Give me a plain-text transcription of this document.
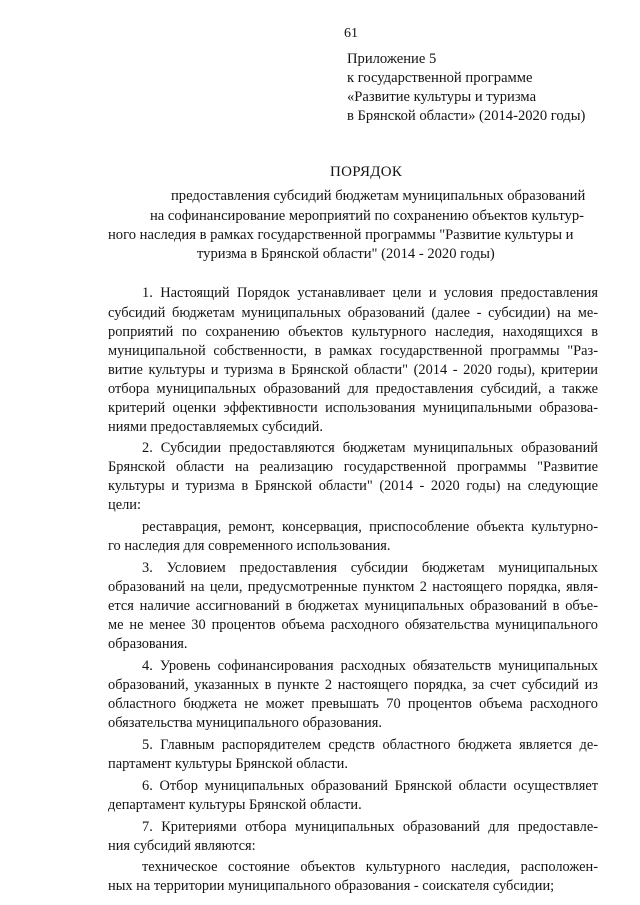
61
Приложение 5
к государственной программе
«Развитие культуры и туризма
в Брянской области» (2014-2020 годы)
ПОРЯДОК
предоставления субсидий бюджетам муниципальных образований
на софинансирование мероприятий по сохранению объектов культур-
ного наследия в рамках государственной программы "Развитие культуры и
туризма в Брянской области" (2014 - 2020 годы)
1. Настоящий Порядок устанавливает цели и условия предоставления
субсидий бюджетам муниципальных образований (далее - субсидии) на ме-
роприятий по сохранению объектов культурного наследия, находящихся в
муниципальной собственности, в рамках государственной программы "Раз-
витие культуры и туризма в Брянской области" (2014 - 2020 годы), критерии
отбора муниципальных образований для предоставления субсидий, а также
критерий оценки эффективности использования муниципальными образова-
ниями предоставляемых субсидий.
2. Субсидии предоставляются бюджетам муниципальных образований
Брянской области на реализацию государственной программы "Развитие
культуры и туризма в Брянской области" (2014 - 2020 годы) на следующие
цели:
реставрация, ремонт, консервация, приспособление объекта культурно-
го наследия для современного использования.
3. Условием предоставления субсидии бюджетам муниципальных
образований на цели, предусмотренные пунктом 2 настоящего порядка, явля-
ется наличие ассигнований в бюджетах муниципальных образований в объе-
ме не менее 30 процентов объема расходного обязательства муниципального
образования.
4. Уровень софинансирования расходных обязательств муниципальных
образований, указанных в пункте 2 настоящего порядка, за счет субсидий из
областного бюджета не может превышать 70 процентов объема расходного
обязательства муниципального образования.
5. Главным распорядителем средств областного бюджета является де-
партамент культуры Брянской области.
6. Отбор муниципальных образований Брянской области осуществляет
департамент культуры Брянской области.
7. Критериями отбора муниципальных образований для предоставле-
ния субсидий являются:
техническое состояние объектов культурного наследия, расположен-
ных на территории муниципального образования - соискателя субсидии;
